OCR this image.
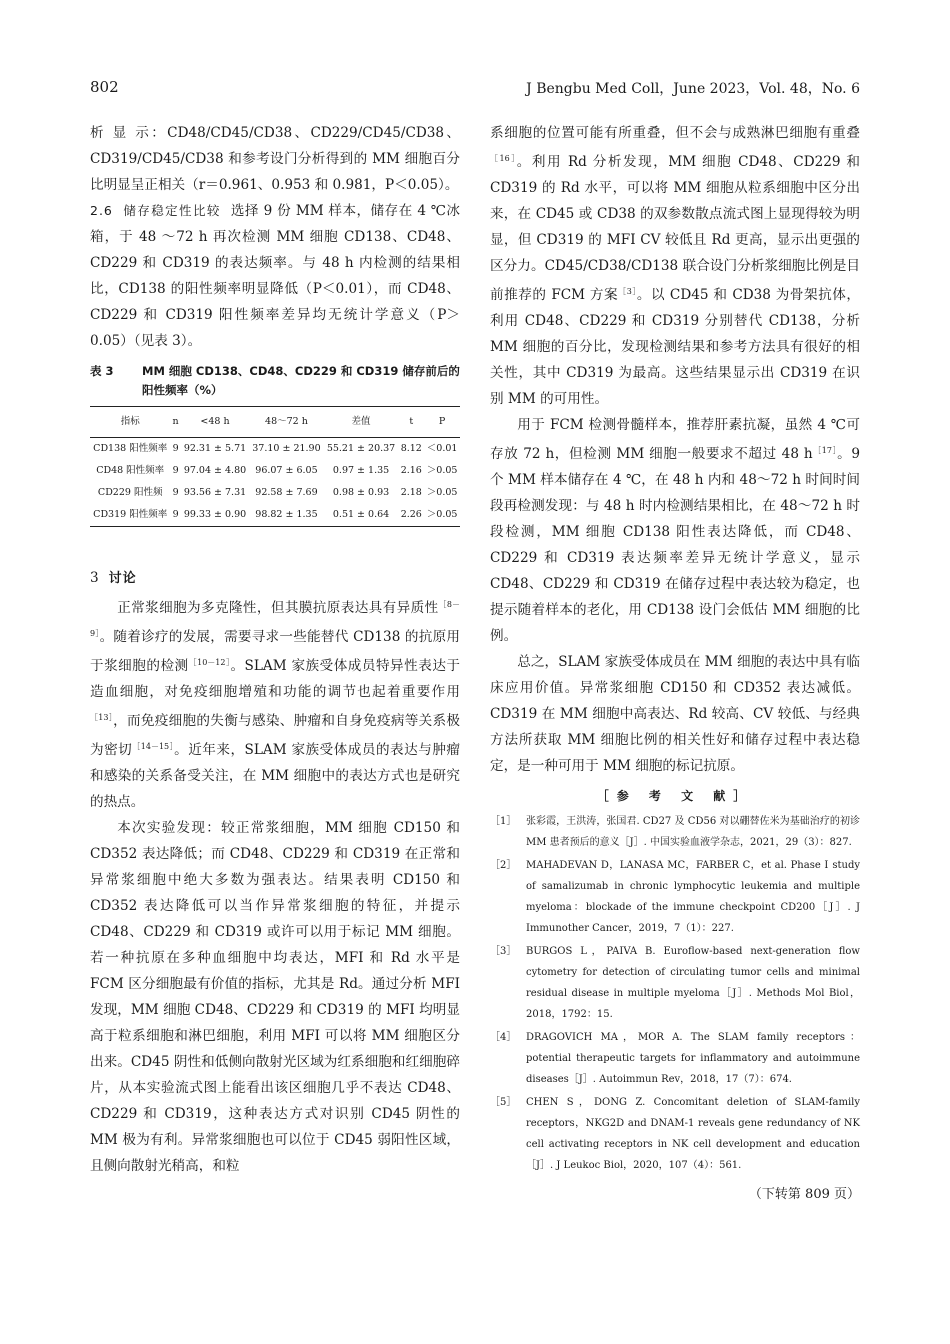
802	J Bengbu Med Coll，June 2023，Vol. 48，No. 6

析 显 示：CD48/CD45/CD38、CD229/CD45/CD38、CD319/CD45/CD38 和参考设门分析得到的 MM 细胞百分比明显呈正相关（r＝0.961、0.953 和 0.981，P＜0.05）。

2.6 储存稳定性比较 选择 9 份 MM 样本，储存在 4 ℃冰箱，于 48 ～72 h 再次检测 MM 细胞 CD138、CD48、CD229 和 CD319 的表达频率。与 48 h 内检测的结果相比，CD138 的阳性频率明显降低（P＜0.01），而 CD48、CD229 和 CD319 阳性频率差异均无统计学意义（P＞0.05）（见表 3）。

表 3	MM 细胞 CD138、CD48、CD229 和 CD319 储存前后的阳性频率（%）
指标	n	<48 h	48～72 h	差值	t	P
CD138 阳性频率	9	92.31 ± 5.71	37.10 ± 21.90	55.21 ± 20.37	8.12	＜0.01
CD48 阳性频率	9	97.04 ± 4.80	96.07 ± 6.05	0.97 ± 1.35	2.16	＞0.05
CD229 阳性频	9	93.56 ± 7.31	92.58 ± 7.69	0.98 ± 0.93	2.18	＞0.05
CD319 阳性频率	9	99.33 ± 0.90	98.82 ± 1.35	0.51 ± 0.64	2.26	＞0.05

3 讨论

正常浆细胞为多克隆性，但其膜抗原表达具有异质性$^{[8-9]}$。随着诊疗的发展，需要寻求一些能替代 CD138 的抗原用于浆细胞的检测$^{[10-12]}$。SLAM 家族受体成员特异性表达于造血细胞，对免疫细胞增殖和功能的调节也起着重要作用$^{[13]}$，而免疫细胞的失衡与感染、肿瘤和自身免疫病等关系极为密切$^{[14-15]}$。近年来，SLAM 家族受体成员的表达与肿瘤和感染的关系备受关注，在 MM 细胞中的表达方式也是研究的热点。

本次实验发现：较正常浆细胞，MM 细胞 CD150 和 CD352 表达降低；而 CD48、CD229 和 CD319 在正常和异常浆细胞中绝大多数为强表达。结果表明 CD150 和 CD352 表达降低可以当作异常浆细胞的特征，并提示 CD48、CD229 和 CD319 或许可以用于标记 MM 细胞。若一种抗原在多种血细胞中均表达，MFI 和 Rd 水平是 FCM 区分细胞最有价值的指标，尤其是 Rd。通过分析 MFI 发现，MM 细胞 CD48、CD229 和 CD319 的 MFI 均明显高于粒系细胞和淋巴细胞，利用 MFI 可以将 MM 细胞区分出来。CD45 阴性和低侧向散射光区域为红系细胞和红细胞碎片，从本实验流式图上能看出该区细胞几乎不表达 CD48、CD229 和 CD319，这种表达方式对识别 CD45 阴性的 MM 极为有利。异常浆细胞也可以位于 CD45 弱阳性区域，且侧向散射光稍高，和粒

系细胞的位置可能有所重叠，但不会与成熟淋巴细胞有重叠$^{[16]}$。利用 Rd 分析发现，MM 细胞 CD48、CD229 和 CD319 的 Rd 水平，可以将 MM 细胞从粒系细胞中区分出来，在 CD45 或 CD38 的双参数散点流式图上显现得较为明显，但 CD319 的 MFI CV 较低且 Rd 更高，显示出更强的区分力。CD45/CD38/CD138 联合设门分析浆细胞比例是目前推荐的 FCM 方案$^{[3]}$。以 CD45 和 CD38 为骨架抗体，利用 CD48、CD229 和 CD319 分别替代 CD138，分析 MM 细胞的百分比，发现检测结果和参考方法具有很好的相关性，其中 CD319 为最高。这些结果显示出 CD319 在识别 MM 的可用性。

用于 FCM 检测骨髓样本，推荐肝素抗凝，虽然 4 ℃可存放 72 h，但检测 MM 细胞一般要求不超过 48 $h^{[17]}$。9 个 MM 样本储存在 4 ℃，在 48 h 内和 48～72 h 时间时间段再检测发现：与 48 h 时内检测结果相比，在 48～72 h 时段检测，MM 细胞 CD138 阳性表达降低，而 CD48、CD229 和 CD319 表达频率差异无统计学意义，显示 CD48、CD229 和 CD319 在储存过程中表达较为稳定，也提示随着样本的老化，用 CD138 设门会低估 MM 细胞的比例。

总之，SLAM 家族受体成员在 MM 细胞的表达中具有临床应用价值。异常浆细胞 CD150 和 CD352 表达减低。CD319 在 MM 细胞中高表达、Rd 较高、CV 较低、与经典方法所获取 MM 细胞比例的相关性好和储存过程中表达稳定，是一种可用于 MM 细胞的标记抗原。

［参 考 文 献］
［1］ 张彩霞，王洪涛，张国君. CD27 及 CD56 对以硼替佐米为基础治疗的初诊 MM 患者预后的意义［J］. 中国实验血液学杂志，2021，29（3）：827.
［2］ MAHADEVAN D，LANASA MC，FARBER C，et al. Phase Ⅰ study of samalizumab in chronic lymphocytic leukemia and multiple myeloma：blockade of the immune checkpoint CD200［J］. J Immunother Cancer，2019，7（1）：227.
［3］ BURGOS L，PAIVA B. Euroflow-based next-generation flow cytometry for detection of circulating tumor cells and minimal residual disease in multiple myeloma［J］. Methods Mol Biol，2018，1792：15.
［4］ DRAGOVICH MA，MOR A. The SLAM family receptors：potential therapeutic targets for inflammatory and autoimmune diseases［J］. Autoimmun Rev，2018，17（7）：674.
［5］ CHEN S，DONG Z. Concomitant deletion of SLAM-family receptors，NKG2D and DNAM-1 reveals gene redundancy of NK cell activating receptors in NK cell development and education［J］. J Leukoc Biol，2020，107（4）：561.
（下转第 809 页）
